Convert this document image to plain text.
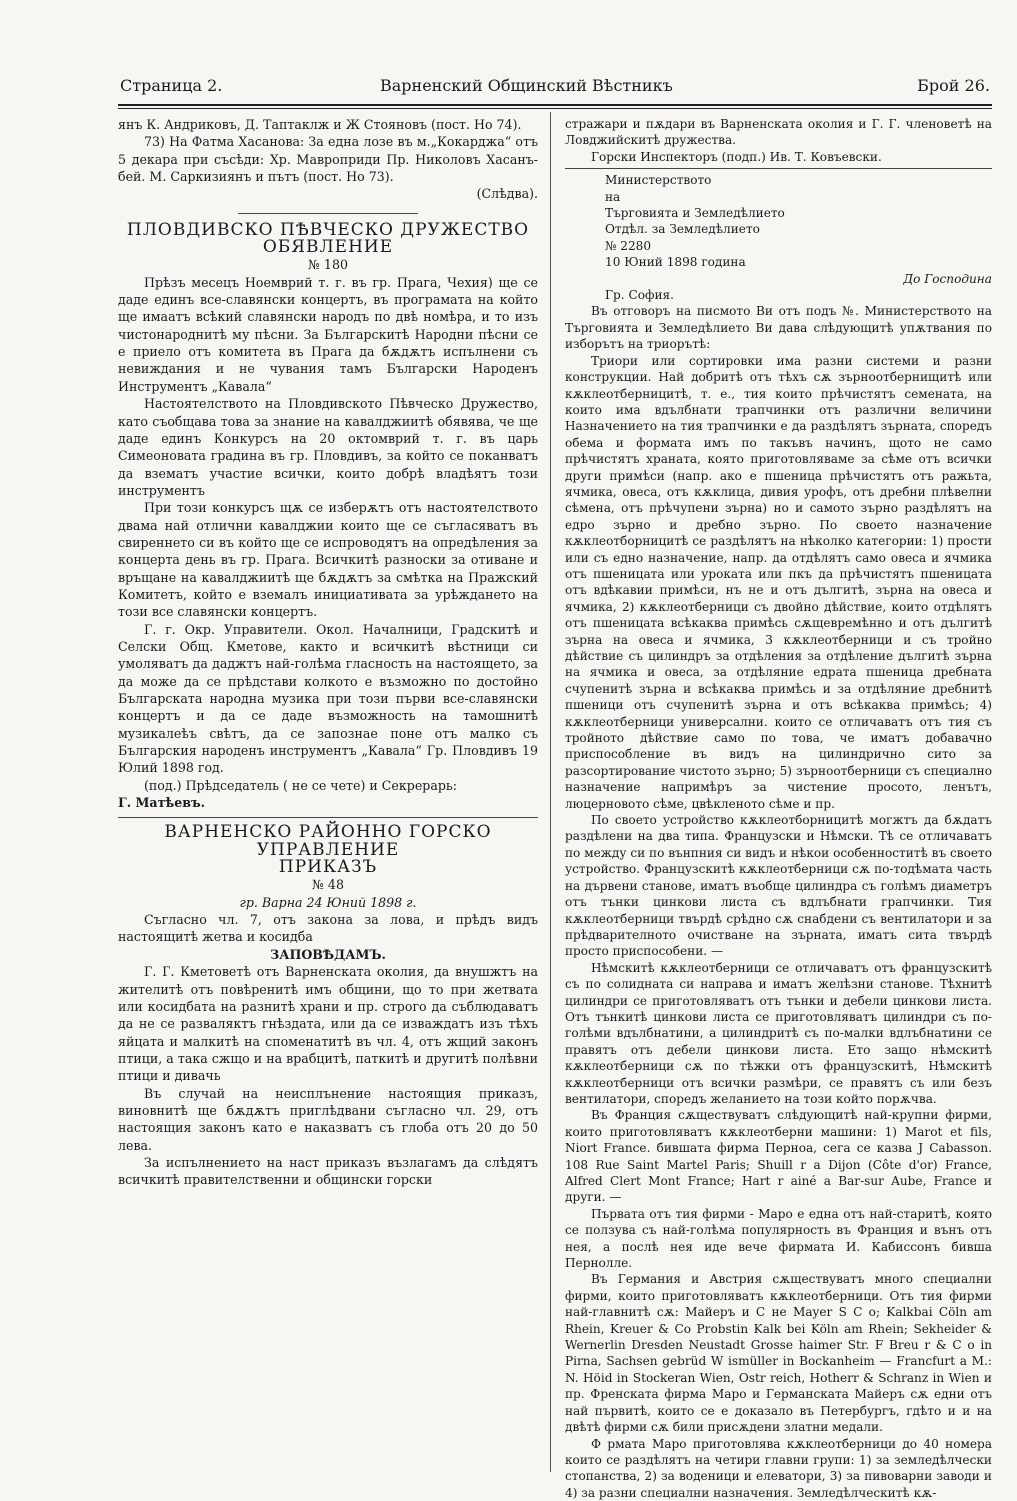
Страница 2.	Варненский Общинский Вѣстникъ	Брой 26.

янъ К. Андриковъ, Д. Таптаклж и Ж Стояновъ (пост. Но 74).

73) На Фатма Хасанова: За една лозе въ м.„Кокарджа“ отъ 5 декара при съсѣди: Хр. Мавроприди Пр. Николовъ Хасанъ-бей. М. Саркизиянъ и пътъ (пост. Но 73).

(Слѣдва).

ПЛОВДИВСКО ПѢВЧЕСКО ДРУЖЕСТВО

ОБЯВЛЕНИЕ

№ 180

Прѣзъ месецъ Ноемврий т. г. въ гр. Прага, Чехия) ще се даде единъ все-славянски концертъ, въ програмата на който ще имаатъ всѣкий славянски народъ по двѣ номѣра, и то изъ чистонароднитѣ му пѣсни. За Българскитѣ Народни пѣсни се е приело отъ комитета въ Прага да бѫдѫтъ испълнени съ невиждания и не чувания тамъ Български Народенъ Инструментъ „Кавала“

Настоятелството на Пловдивското Пѣвческо Дружество, като съобщава това за знание на кавалджиитѣ обявява, че ще даде единъ Конкурсъ на 20 октомврий т. г. въ царь Симеоновата градина въ гр. Пловдивъ, за който се поканватъ да взематъ участие всички, които добрѣ владѣятъ този инструментъ

При този конкурсъ щѫ се изберѫтъ отъ настоятелството двама най отлични кавалджии които ще се съгласяватъ въ свиреннето си въ който ще се испроводятъ на опредѣления за концерта день въ гр. Прага. Всичкитѣ разноски за отиване и връщане на кавалджиитѣ ще бѫдѫтъ за смѣтка на Пражский Комитетъ, който е вземалъ инициативата за урѣждането на този все славянски концертъ.

Г. г. Окр. Управители. Окол. Началници, Градскитѣ и Селски Общ. Кметове, както и всичкитѣ вѣстници си умоляватъ да даджтъ най-голѣма гласность на настоящето, за да може да се прѣдстави колкото е възможно по достойно Българската народна музика при този първи все-славянски концертъ и да се даде възможность на тамошнитѣ музикалеѣъ свѣтъ, да се запознае поне отъ малко съ Българския народенъ инструментъ „Кавала“ Гр. Пловдивъ 19 Юлий 1898 год.

(под.) Прѣдседатель ( не се чете) и Секрерарь:

Г. Матѣевъ.

ВАРНЕНСКО РАЙОННО ГОРСКО УПРАВЛЕНИЕ

ПРИКАЗЪ

№ 48

гр. Варна 24 Юний 1898 г.

Съгласно чл. 7, отъ закона за лова, и прѣдъ видъ настоящитѣ жетва и косидба

ЗАПОВѢДАМЪ.

Г. Г. Кметоветѣ отъ Варненската околия, да внушжтъ на жителитѣ отъ повѣренитѣ имъ общини, що то при жетвата или косидбата на разнитѣ храни и пр. строго да съблюдаватъ да не се разваляктъ гнѣздата, или да се изваждатъ изъ тѣхъ яйцата и малкитѣ на споменатитѣ въ чл. 4, отъ жщий законъ птици, а така сжщо и на врабцитѣ, паткитѣ и другитѣ полѣвни птици и дивачь

Въ случай на неисплънение настоящия приказъ, виновнитѣ ще бѫдѫтъ приглѣдвани съгласно чл. 29, отъ настоящия законъ като е наказватъ съ глоба отъ 20 до 50 лева.

За испълнението на наст приказъ възлагамъ да слѣдятъ всичкитѣ правителственни и общински горски

стражари и пѫдари въ Варненската околия и Г. Г. членоветѣ на Ловджийскитѣ дружества.

Горски Инспекторъ (подп.) Ив. Т. Ковъевски.

Министерството

на

Търговията и Земледѣлието

Отдѣл. за Земледѣлието

№ 2280

10 Юний 1898 година

До Господина

Гр. София.

Въ отговоръ на писмото Ви отъ подъ №. Министерството на Търговията и Земледѣлието Ви дава слѣдующитѣ упѫтвания по изборътъ на триорътѣ:

Триори или сортировки има разни системи и разни конструкции. Най добритѣ отъ тѣхъ сѫ зърноотбернищитѣ или кѫклеотберницитѣ, т. е., тия които прѣчистятъ семената, на които има вдълбнати трапчинки отъ различни величини Назначението на тия трапчинки е да раздѣлятъ зърната, споредъ обема и формата имъ по такъвъ начинъ, щото не само прѣчистятъ храната, която приготовляваме за сѣме отъ всички други примѣси (напр. ако е пшеница прѣчистятъ отъ ражьта, ячмика, овеса, отъ кѫклица, дивия урофъ, отъ дребни плѣвелни сѣмена, отъ прѣчупени зърна) но и самото зърно раздѣлятъ на едро зърно и дребно зърно. По своето назначение кѫклеотборницитѣ се раздѣлятъ на нѣколко категории: 1) прости или съ едно назначение, напр. да отдѣлятъ само овеса и ячмика отъ пшеницата или уроката или пкъ да прѣчистятъ пшеницата отъ вдѣкавии примѣси, нъ не и отъ дългитѣ, зърна на овеса и ячмика, 2) кѫклеотберници съ двойно дѣйствие, които отдѣлятъ отъ пшеницата всѣкаква примѣсь сѫщевремѣнно и отъ дългитѣ зърна на овеса и ячмика, 3 кѫклеотберници и съ тройно дѣйствие съ цилиндръ за отдѣления за отдѣление дългитѣ зърна на ячмика и овеса, за отдѣляние едрата пшеница дребната счупенитѣ зърна и всѣкаква примѣсь и за отдѣляние дребнитѣ пшеници отъ счупенитѣ зърна и отъ всѣкаква примѣсь; 4) кѫклеотберници универсални. които се отличаватъ отъ тия съ тройното дѣйствие само по това, че иматъ добавачно приспособление въ видъ на цилиндрично сито за разсортирование чистото зърно; 5) зърноотберници съ специално назначение напримѣръ за чистение просото, ленътъ, люцерновото сѣме, цвѣкленото сѣме и пр.

По своето устройство кѫклеотборницитѣ могжтъ да бѫдатъ раздѣлени на два типа. Французски и Нѣмски. Тѣ се отличаватъ по между си по вънпния си видъ и нѣкои особенноститѣ въ своето устройство. Французскитѣ кѫклеотберници сѫ по-тодѣмата часть на дървени станове, иматъ въобще цилиндра съ голѣмъ диаметръ отъ тънки цинкови листа съ вдлъбнати грапчинки. Тия кѫклеотберници твърдѣ срѣдно сѫ снабдени съ вентилатори и за прѣдварителното очистване на зърната, иматъ сита твърдѣ просто приспособени. —

Нѣмскитѣ кѫклеотберници се отличаватъ отъ французскитѣ съ по солидната си направа и иматъ желѣзни станове. Тѣхнитѣ цилиндри се приготовляватъ отъ тънки и дебели цинкови листа. Отъ тънкитѣ цинкови листа се приготовляватъ цилиндри съ по-голѣми вдълбнатини, а цилиндритѣ съ по-малки вдлъбнатини се правятъ отъ дебели цинкови листа. Ето защо нѣмскитѣ кѫклеотберници сѫ по тѣжки отъ французскитѣ, Нѣмскитѣ кѫклеотберници отъ всички размѣри, се правятъ съ или безъ вентилатори, споредъ желанието на този който порѫчва.

Въ Франция сѫществуватъ слѣдующитѣ най-крупни фирми, които приготовляватъ кѫклеотберни машини: 1) Marot et fils, Niort France. бившата фирма Перноа, сега се казва J Cabasson. 108 Rue Saint Martel Paris; Shuill r a Dijon (Côte d'or) France, Alfred Clert Mont France; Hart r ainé a Bar-sur Aube, France и други. —

Първата отъ тия фирми - Маро е една отъ най-старитѣ, която се ползува съ най-голѣма популярность въ Франция и вънъ отъ нея, а послѣ нея иде вече фирмата И. Кабиссонъ бивша Пернолле.

Въ Германия и Австрия сѫществуватъ много специални фирми, които приготовляватъ кѫклеотберници. Отъ тия фирми най-главнитѣ сѫ: Майеръ и С не Mayer S C o; Kalkbai Cöln am Rhein, Kreuer & Co Probstin Kalk bei Köln am Rhein; Sekheider & Wernerlin Dresden Neustadt Grosse haimer Str. F Breu r & C o in Pirna, Sachsen gebrüd W ismüller in Bockanheim — Francfurt a M.: N. Höid in Stockeran Wien, Ostr reich, Hotherr & Schranz in Wien и пр. Френската фирма Маро и Германската Майеръ сѫ едни отъ най първитѣ, които се е доказало въ Петербургъ, гдѣто и и на двѣтѣ фирми сѫ били присѫдени златни медали.

Ф рмата Маро приготовлява кѫклеотберници до 40 номера които се раздѣлятъ на четири главни групи: 1) за земледѣлчески стопанства, 2) за воденици и елеватори, 3) за пивоварни заводи и 4) за разни специални назначения. Земледѣлческитѣ кѫ-
